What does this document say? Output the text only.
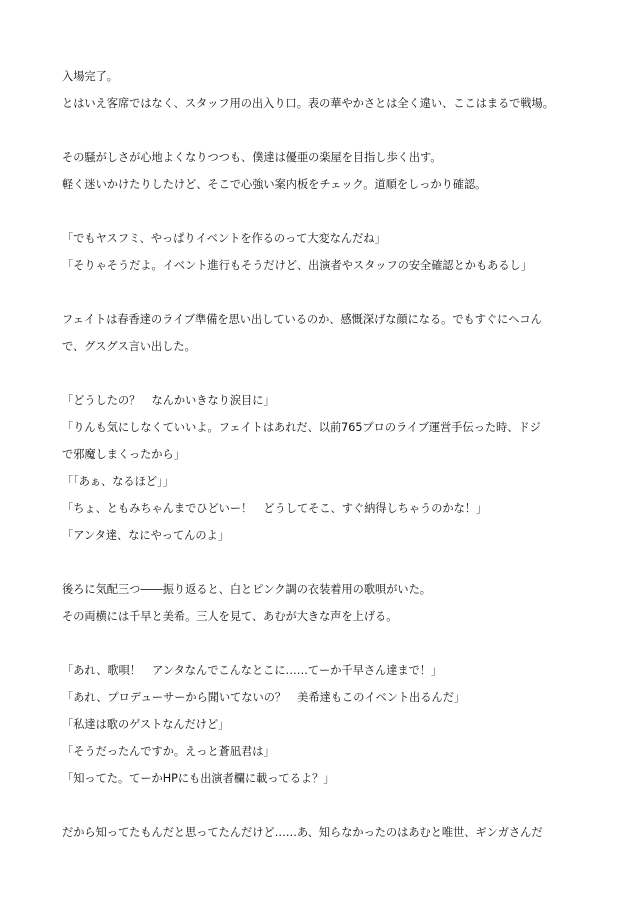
入場完了。
とはいえ客席ではなく、スタッフ用の出入り口。表の華やかさとは全く違い、ここはまるで戦場。
その騒がしさが心地よくなりつつも、僕達は優亜の楽屋を目指し歩く出す。
軽く迷いかけたりしたけど、そこで心強い案内板をチェック。道順をしっかり確認。
「でもヤスフミ、やっぱりイベントを作るのって大変なんだね」
「そりゃそうだよ。イベント進行もそうだけど、出演者やスタッフの安全確認とかもあるし」
フェイトは春香達のライブ準備を思い出しているのか、感慨深げな顔になる。でもすぐにヘコん
で、グスグス言い出した。
「どうしたの？　なんかいきなり涙目に」
「りんも気にしなくていいよ。フェイトはあれだ、以前765プロのライブ運営手伝った時、ドジ
で邪魔しまくったから」
「「あぁ、なるほど」」
「ちょ、ともみちゃんまでひどいー！　どうしてそこ、すぐ納得しちゃうのかな！」
「アンタ達、なにやってんのよ」
後ろに気配三つ――振り返ると、白とピンク調の衣装着用の歌唄がいた。
その両横には千早と美希。三人を見て、あむが大きな声を上げる。
「あれ、歌唄！　アンタなんでこんなとこに……てーか千早さん達まで！」
「あれ、プロデューサーから聞いてないの？　美希達もこのイベント出るんだ」
「私達は歌のゲストなんだけど」
「そうだったんですか。えっと蒼凪君は」
「知ってた。てーかHPにも出演者欄に載ってるよ？」
だから知ってたもんだと思ってたんだけど……あ、知らなかったのはあむと唯世、ギンガさんだ
